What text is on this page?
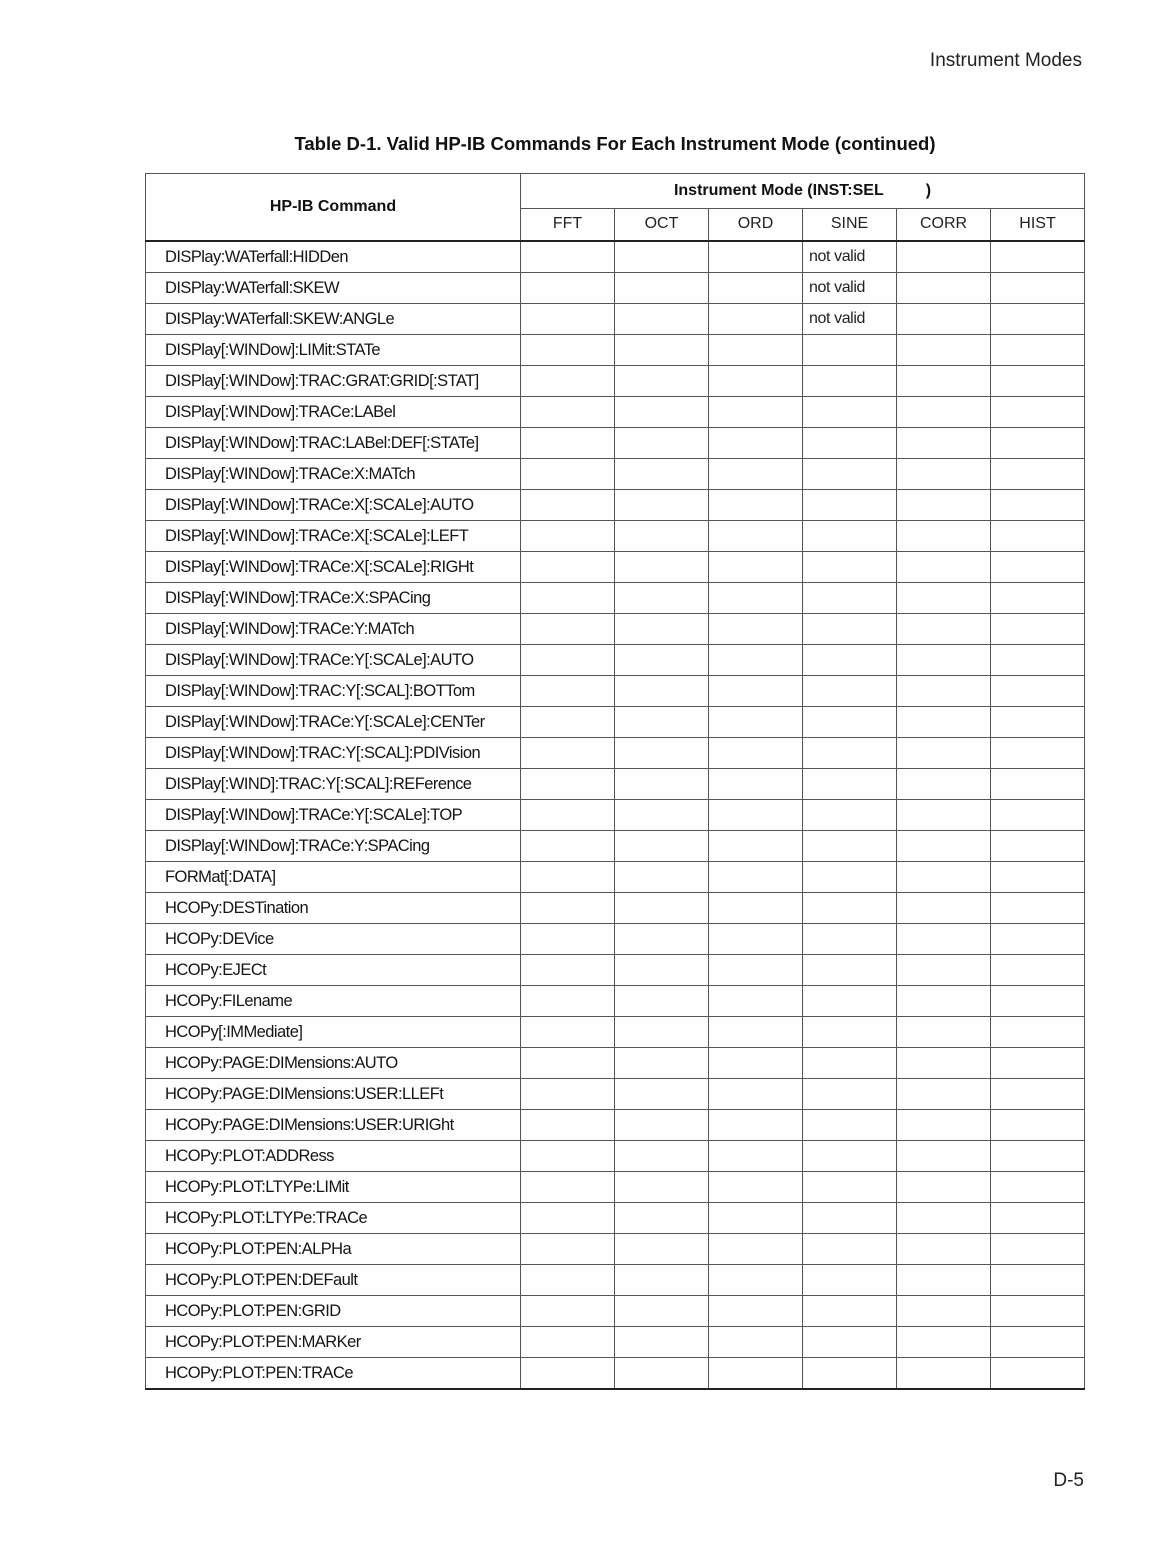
Instrument Modes
Table D-1. Valid HP-IB Commands For Each Instrument Mode (continued)
HP-IB Command	Instrument Mode (INST:SEL )					
	FFT	OCT	ORD	SINE	CORR	HIST
DISPlay:WATerfall:HIDDen				not valid		
DISPlay:WATerfall:SKEW				not valid		
DISPlay:WATerfall:SKEW:ANGLe				not valid		
DISPlay[:WINDow]:LIMit:STATe						
DISPlay[:WINDow]:TRAC:GRAT:GRID[:STAT]						
DISPlay[:WINDow]:TRACe:LABel						
DISPlay[:WINDow]:TRAC:LABel:DEF[:STATe]						
DISPlay[:WINDow]:TRACe:X:MATch						
DISPlay[:WINDow]:TRACe:X[:SCALe]:AUTO						
DISPlay[:WINDow]:TRACe:X[:SCALe]:LEFT						
DISPlay[:WINDow]:TRACe:X[:SCALe]:RIGHt						
DISPlay[:WINDow]:TRACe:X:SPACing						
DISPlay[:WINDow]:TRACe:Y:MATch						
DISPlay[:WINDow]:TRACe:Y[:SCALe]:AUTO						
DISPlay[:WINDow]:TRAC:Y[:SCAL]:BOTTom						
DISPlay[:WINDow]:TRACe:Y[:SCALe]:CENTer						
DISPlay[:WINDow]:TRAC:Y[:SCAL]:PDIVision						
DISPlay[:WIND]:TRAC:Y[:SCAL]:REFerence						
DISPlay[:WINDow]:TRACe:Y[:SCALe]:TOP						
DISPlay[:WINDow]:TRACe:Y:SPACing						
FORMat[:DATA]						
HCOPy:DESTination						
HCOPy:DEVice						
HCOPy:EJECt						
HCOPy:FILename						
HCOPy[:IMMediate]						
HCOPy:PAGE:DIMensions:AUTO						
HCOPy:PAGE:DIMensions:USER:LLEFt						
HCOPy:PAGE:DIMensions:USER:URIGht						
HCOPy:PLOT:ADDRess						
HCOPy:PLOT:LTYPe:LIMit						
HCOPy:PLOT:LTYPe:TRACe						
HCOPy:PLOT:PEN:ALPHa						
HCOPy:PLOT:PEN:DEFault						
HCOPy:PLOT:PEN:GRID						
HCOPy:PLOT:PEN:MARKer						
HCOPy:PLOT:PEN:TRACe						
D-5
